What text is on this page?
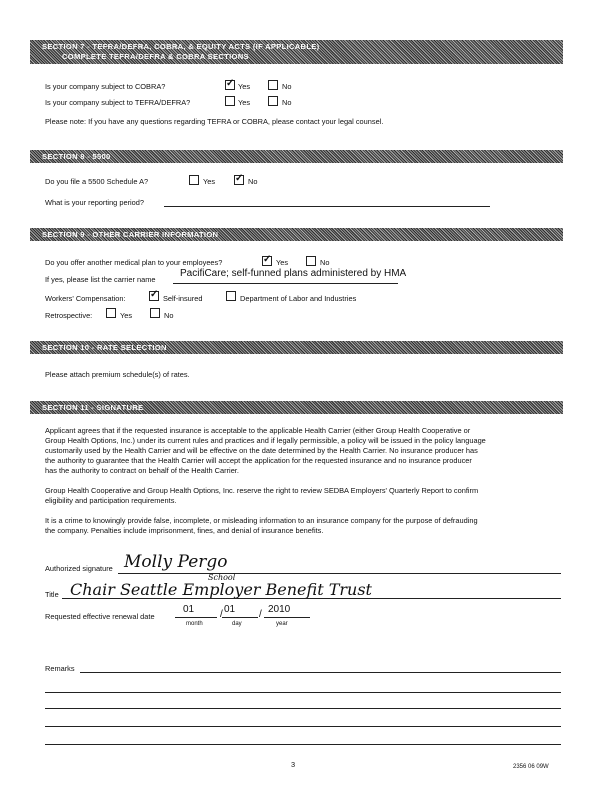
SECTION 7 - TEFRA/DEFRA, COBRA, & EQUITY ACTS (IF APPLICABLE)
COMPLETE TEFRA/DEFRA & COBRA SECTIONS
Is your company subject to COBRA?	✓ Yes	No
Is your company subject to TEFRA/DEFRA?	Yes	No
Please note: If you have any questions regarding TEFRA or COBRA, please contact your legal counsel.
SECTION 8 - 5500
Do you file a 5500 Schedule A?	Yes ✓ No
What is your reporting period?
SECTION 9 - OTHER CARRIER INFORMATION
Do you offer another medical plan to your employees?	✓ Yes	No
If yes, please list the carrier name
PacifiCare; self-funned plans administered by HMA
Workers' Compensation: ✓ Self-insured	Department of Labor and Industries
Retrospective:	Yes	No
SECTION 10 - RATE SELECTION
Please attach premium schedule(s) of rates.
SECTION 11 - SIGNATURE
Applicant agrees that if the requested insurance is acceptable to the applicable Health Carrier (either Group Health Cooperative or
Group Health Options, Inc.) under its current rules and practices and if legally permissible, a policy will be issued in the policy language
customarily used by the Health Carrier and will be effective on the date determined by the Health Carrier. No insurance producer has
the authority to guarantee that the Health Carrier will accept the application for the requested insurance and no insurance producer
has the authority to contract on behalf of the Health Carrier.
Group Health Cooperative and Group Health Options, Inc. reserve the right to review SEDBA Employers' Quarterly Report to confirm
eligibility and participation requirements.
It is a crime to knowingly provide false, incomplete, or misleading information to an insurance company for the purpose of defrauding
the company. Penalties include imprisonment, fines, and denial of insurance benefits.
Authorized signature Molly Pergo
Title
School
Chair Seattle Employer Benefit Trust
Requested effective renewal date
01	/ 01 / 2010
month	day	year
Remarks
3	2356 06 09W
